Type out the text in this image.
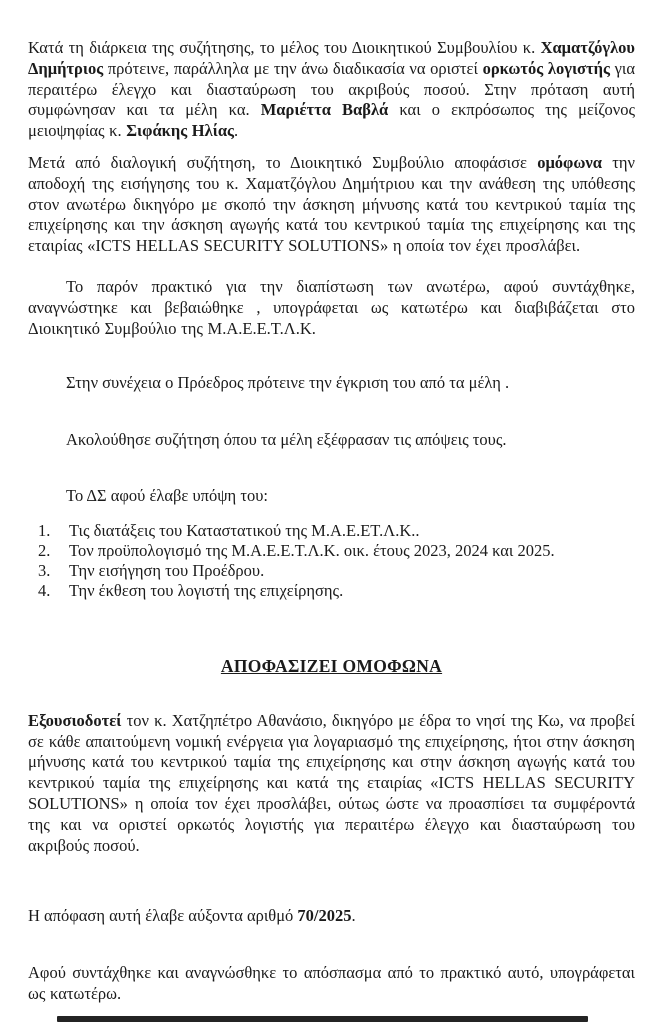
Κατά τη διάρκεια της συζήτησης, το μέλος του Διοικητικού Συμβουλίου κ. Χαματζόγλου Δημήτριος πρότεινε, παράλληλα με την άνω διαδικασία να οριστεί ορκωτός λογιστής για περαιτέρω έλεγχο και διασταύρωση του ακριβούς ποσού. Στην πρόταση αυτή συμφώνησαν και τα μέλη κα. Μαριέττα Βαβλά και ο εκπρόσωπος της μείζονος μειοψηφίας κ. Σιφάκης Ηλίας.

Μετά από διαλογική συζήτηση, το Διοικητικό Συμβούλιο αποφάσισε ομόφωνα την αποδοχή της εισήγησης του κ. Χαματζόγλου Δημήτριου και την ανάθεση της υπόθεσης στον ανωτέρω δικηγόρο με σκοπό την άσκηση μήνυσης κατά του κεντρικού ταμία της επιχείρησης και την άσκηση αγωγής κατά του κεντρικού ταμία της επιχείρησης και της εταιρίας «ICTS HELLAS SECURITY SOLUTIONS» η οποία τον έχει προσλάβει.

Το παρόν πρακτικό για την διαπίστωση των ανωτέρω, αφού συντάχθηκε, αναγνώστηκε και βεβαιώθηκε , υπογράφεται ως κατωτέρω και διαβιβάζεται στο Διοικητικό Συμβούλιο της Μ.Α.Ε.Ε.Τ.Λ.Κ.

Στην συνέχεια ο Πρόεδρος πρότεινε την έγκριση του από τα μέλη .

Ακολούθησε συζήτηση όπου τα μέλη εξέφρασαν τις απόψεις τους.

Το ΔΣ αφού έλαβε υπόψη του:

1.	Τις διατάξεις του Καταστατικού της Μ.Α.Ε.ΕΤ.Λ.Κ..
2.	Τον προϋπολογισμό της Μ.Α.Ε.Ε.Τ.Λ.Κ. οικ. έτους 2023, 2024 και 2025.
3.	Την εισήγηση του Προέδρου.
4.	Την έκθεση του λογιστή της επιχείρησης.
ΑΠΟΦΑΣΙΖΕΙ ΟΜΟΦΩΝΑ

Εξουσιοδοτεί τον κ. Χατζηπέτρο Αθανάσιο, δικηγόρο με έδρα το νησί της Κω, να προβεί σε κάθε απαιτούμενη νομική ενέργεια για λογαριασμό της επιχείρησης, ήτοι στην άσκηση μήνυσης κατά του κεντρικού ταμία της επιχείρησης και στην άσκηση αγωγής κατά του κεντρικού ταμία της επιχείρησης και κατά της εταιρίας «ICTS HELLAS SECURITY SOLUTIONS» η οποία τον έχει προσλάβει, ούτως ώστε να προασπίσει τα συμφέροντά της και να οριστεί ορκωτός λογιστής για περαιτέρω έλεγχο και διασταύρωση του ακριβούς ποσού.

Η απόφαση αυτή έλαβε αύξοντα αριθμό 70/2025.

Αφού συντάχθηκε και αναγνώσθηκε το απόσπασμα από το πρακτικό αυτό, υπογράφεται ως κατωτέρω.
